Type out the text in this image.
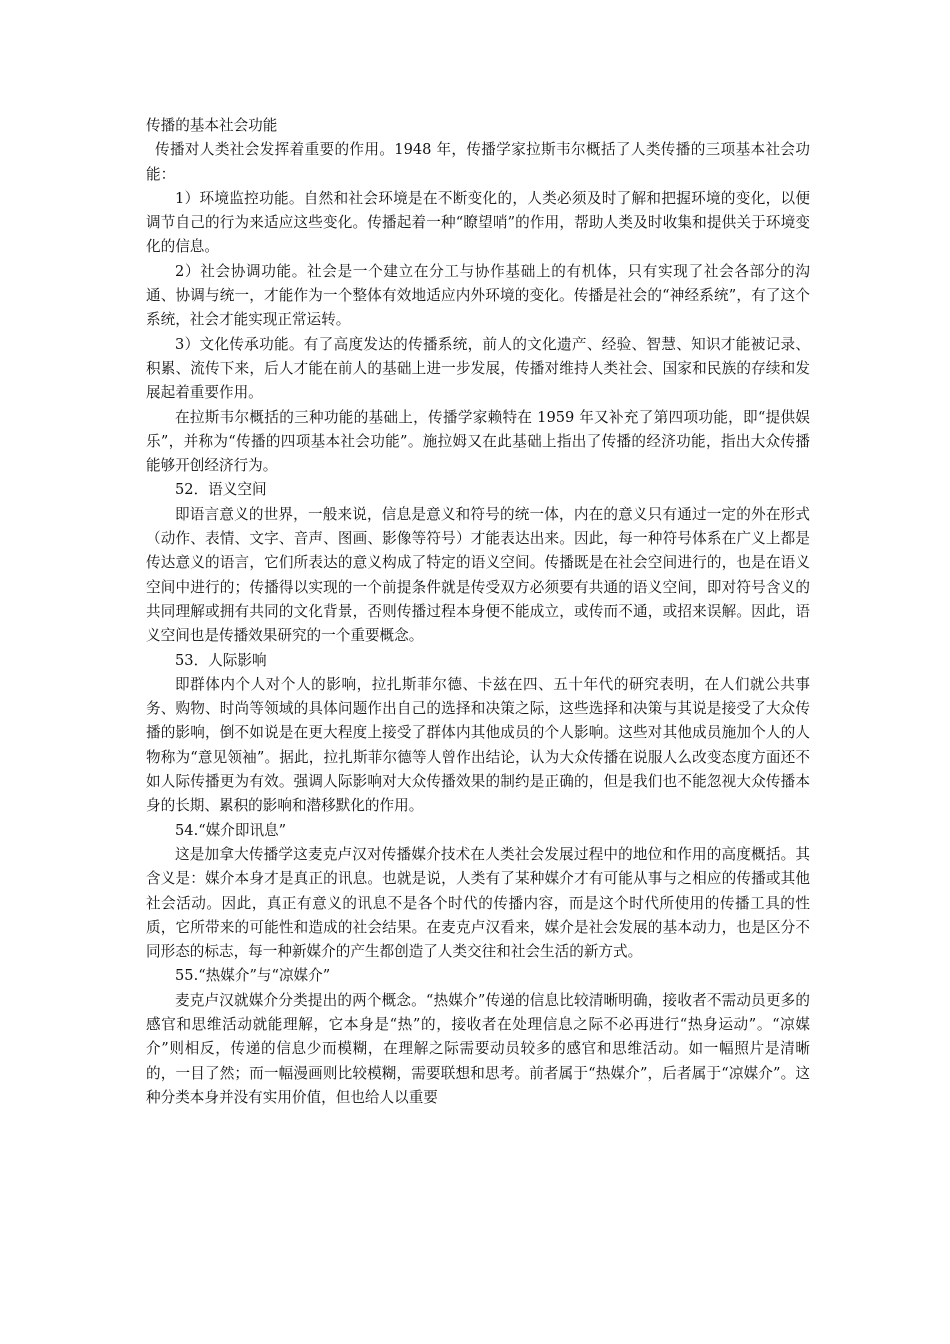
传播的基本社会功能

传播对人类社会发挥着重要的作用。1948 年，传播学家拉斯韦尔概括了人类传播的三项基本社会功能：

1）环境监控功能。自然和社会环境是在不断变化的，人类必须及时了解和把握环境的变化，以便调节自己的行为来适应这些变化。传播起着一种“瞭望哨”的作用，帮助人类及时收集和提供关于环境变化的信息。

2）社会协调功能。社会是一个建立在分工与协作基础上的有机体，只有实现了社会各部分的沟通、协调与统一，才能作为一个整体有效地适应内外环境的变化。传播是社会的“神经系统”，有了这个系统，社会才能实现正常运转。

3）文化传承功能。有了高度发达的传播系统，前人的文化遗产、经验、智慧、知识才能被记录、积累、流传下来，后人才能在前人的基础上进一步发展，传播对维持人类社会、国家和民族的存续和发展起着重要作用。

在拉斯韦尔概括的三种功能的基础上，传播学家赖特在 1959 年又补充了第四项功能，即“提供娱乐”，并称为“传播的四项基本社会功能”。施拉姆又在此基础上指出了传播的经济功能，指出大众传播能够开创经济行为。

52．语义空间

即语言意义的世界，一般来说，信息是意义和符号的统一体，内在的意义只有通过一定的外在形式（动作、表情、文字、音声、图画、影像等符号）才能表达出来。因此，每一种符号体系在广义上都是传达意义的语言，它们所表达的意义构成了特定的语义空间。传播既是在社会空间进行的，也是在语义空间中进行的；传播得以实现的一个前提条件就是传受双方必须要有共通的语义空间，即对符号含义的共同理解或拥有共同的文化背景，否则传播过程本身便不能成立，或传而不通，或招来误解。因此，语义空间也是传播效果研究的一个重要概念。

53．人际影响

即群体内个人对个人的影响，拉扎斯菲尔德、卡兹在四、五十年代的研究表明，在人们就公共事务、购物、时尚等领域的具体问题作出自己的选择和决策之际，这些选择和决策与其说是接受了大众传播的影响，倒不如说是在更大程度上接受了群体内其他成员的个人影响。这些对其他成员施加个人的人物称为“意见领袖”。据此，拉扎斯菲尔德等人曾作出结论，认为大众传播在说服人么改变态度方面还不如人际传播更为有效。强调人际影响对大众传播效果的制约是正确的，但是我们也不能忽视大众传播本身的长期、累积的影响和潜移默化的作用。

54.“媒介即讯息”

这是加拿大传播学这麦克卢汉对传播媒介技术在人类社会发展过程中的地位和作用的高度概括。其含义是：媒介本身才是真正的讯息。也就是说，人类有了某种媒介才有可能从事与之相应的传播或其他社会活动。因此，真正有意义的讯息不是各个时代的传播内容，而是这个时代所使用的传播工具的性质，它所带来的可能性和造成的社会结果。在麦克卢汉看来，媒介是社会发展的基本动力，也是区分不同形态的标志，每一种新媒介的产生都创造了人类交往和社会生活的新方式。

55.“热媒介”与“凉媒介”

麦克卢汉就媒介分类提出的两个概念。“热媒介”传递的信息比较清晰明确，接收者不需动员更多的感官和思维活动就能理解，它本身是“热”的，接收者在处理信息之际不必再进行“热身运动”。“凉媒介”则相反，传递的信息少而模糊，在理解之际需要动员较多的感官和思维活动。如一幅照片是清晰的，一目了然；而一幅漫画则比较模糊，需要联想和思考。前者属于“热媒介”，后者属于“凉媒介”。这种分类本身并没有实用价值，但也给人以重要
